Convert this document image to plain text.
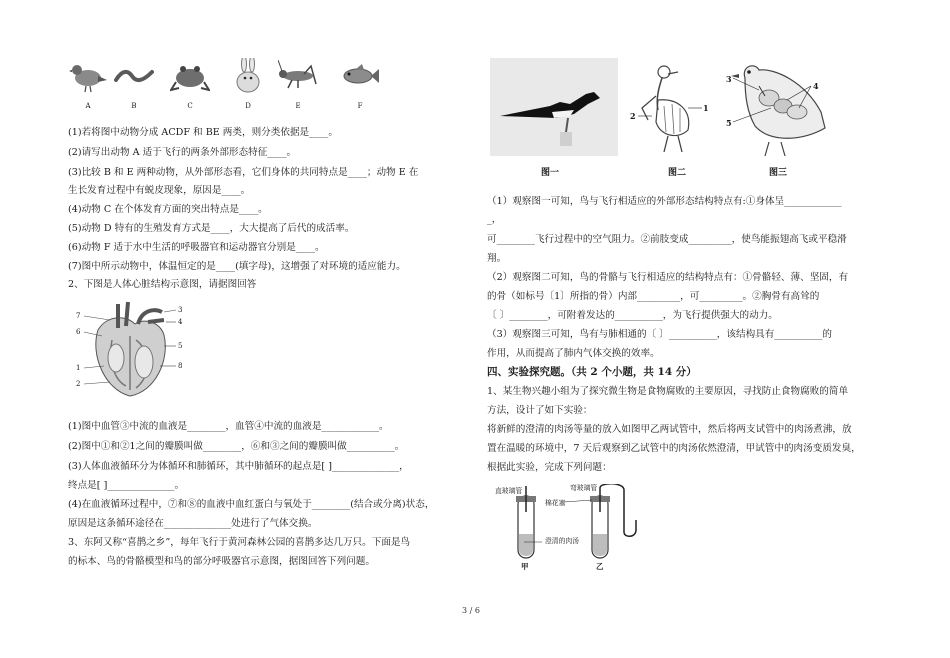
A	B	C	D	E	F
(1)若将图中动物分成 ACDF 和 BE 两类，则分类依据是____。
(2)请写出动物 A 适于飞行的两条外部形态特征____。
(3)比较 B 和 E 两种动物，从外部形态看，它们身体的共同特点是____；动物 E 在
生长发育过程中有蜕皮现象，原因是____。
(4)动物 C 在个体发育方面的突出特点是____。
(5)动物 D 特有的生殖发育方式是____，大大提高了后代的成活率。
(6)动物 F 适于水中生活的呼吸器官和运动器官分别是____。
(7)图中所示动物中，体温恒定的是____(填字母)，这增强了对环境的适应能力。
2、下图是人体心脏结构示意图，请据图回答
7
6
1
2
3
4
5
8
(1)图中血管③中流的血液是________，血管④中流的血液是____________。
(2)图中①和②1之间的瓣膜叫做________，⑥和③之间的瓣膜叫做__________。
(3)人体血液循环分为体循环和肺循环，其中肺循环的起点是[ ]______________，
终点是[ ]______________。
(4)在血液循环过程中，⑦和⑧的血液中血红蛋白与氧处于________(结合或分离)状态，
原因是这条循环途径在______________处进行了气体交换。
3、东阿又称“喜鹊之乡”，每年飞行于黄河森林公园的喜鹊多达几万只。下面是鸟
的标本、鸟的骨骼模型和鸟的部分呼吸器官示意图，据图回答下列问题。
图一
1
2
图二
3
4
5
图三
（1）观察图一可知，鸟与飞行相适应的外部形态结构特点有:①身体呈____________
_，
可________飞行过程中的空气阻力。②前肢变成_________，使鸟能振翅高飞或平稳滑
翔。
（2）观察图二可知，鸟的骨骼与飞行相适应的结构特点有：①骨骼轻、薄、坚固，有
的骨（如标号〔1〕所指的骨）内部_________，可_________。②胸骨有高耸的
〔 〕________，可附着发达的__________，为飞行提供强大的动力。
（3）观察图三可知，鸟有与肺相通的〔 〕__________，该结构具有__________的
作用，从而提高了肺内气体交换的效率。
四、实验探究题。（共 2 个小题，共 14 分）
1、某生物兴趣小组为了探究微生物是食物腐败的主要原因，寻找防止食物腐败的简单
方法，设计了如下实验：
将新鲜的澄清的肉汤等量的放入如图甲乙两试管中，然后将两支试管中的肉汤煮沸，放
置在温暖的环境中，7 天后观察到乙试管中的肉汤依然澄清，甲试管中的肉汤变质发臭，
根据此实验，完成下列问题：
直玻璃管	弯玻璃管
棉花塞
澄清的肉汤
甲	乙
3 / 6
